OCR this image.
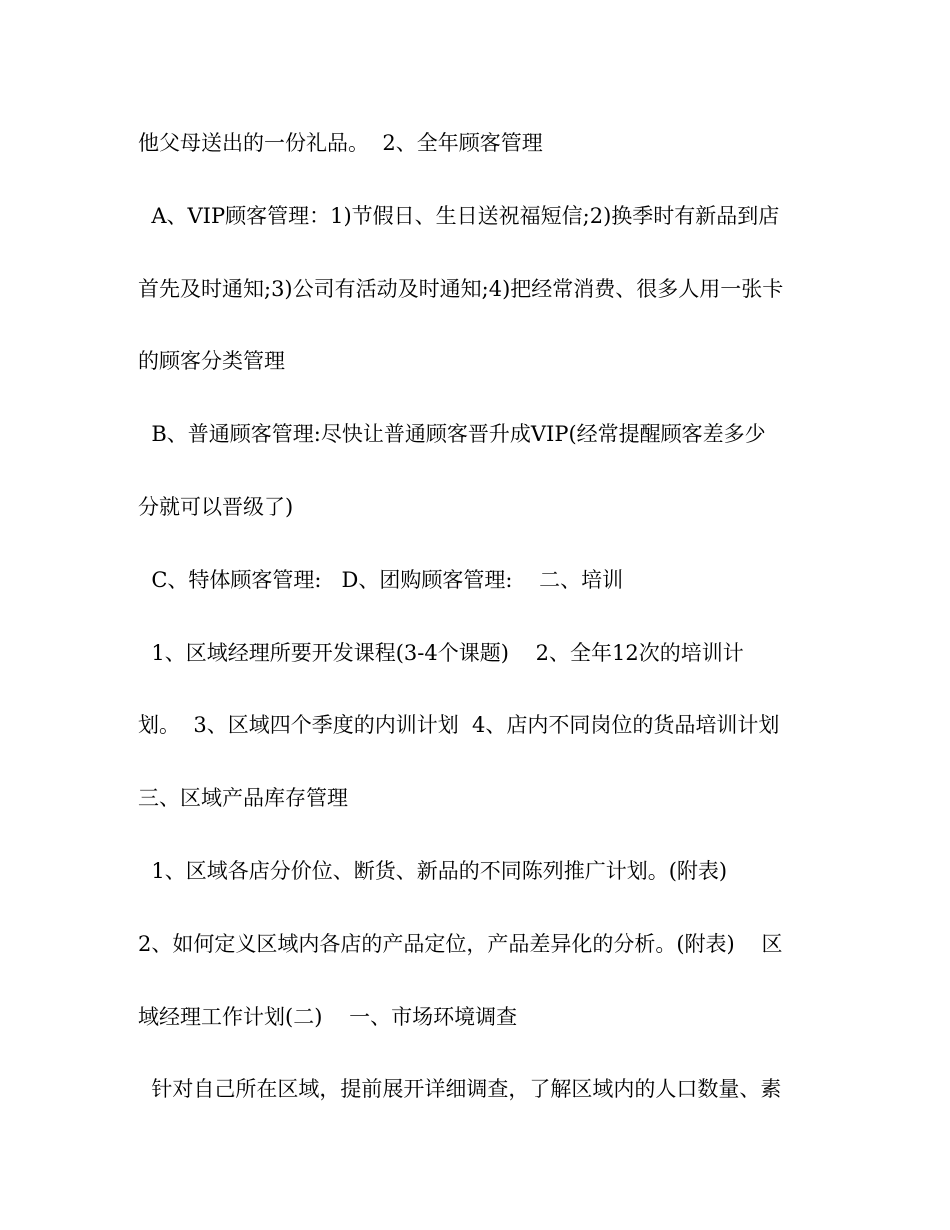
他父母送出的一份礼品。  2、全年顾客管理
A、VIP顾客管理：1)节假日、生日送祝福短信;2)换季时有新品到店
首先及时通知;3)公司有活动及时通知;4)把经常消费、很多人用一张卡
的顾客分类管理
B、普通顾客管理:尽快让普通顾客晋升成VIP(经常提醒顾客差多少
分就可以晋级了)
C、特体顾客管理:   D、团购顾客管理:    二、培训
1、区域经理所要开发课程(3-4个课题)    2、全年12次的培训计
划。  3、区域四个季度的内训计划  4、店内不同岗位的货品培训计划
三、区域产品库存管理
1、区域各店分价位、断货、新品的不同陈列推广计划。(附表)
2、如何定义区域内各店的产品定位，产品差异化的分析。(附表)    区
域经理工作计划(二)    一、市场环境调查
针对自己所在区域，提前展开详细调查，了解区域内的人口数量、素
